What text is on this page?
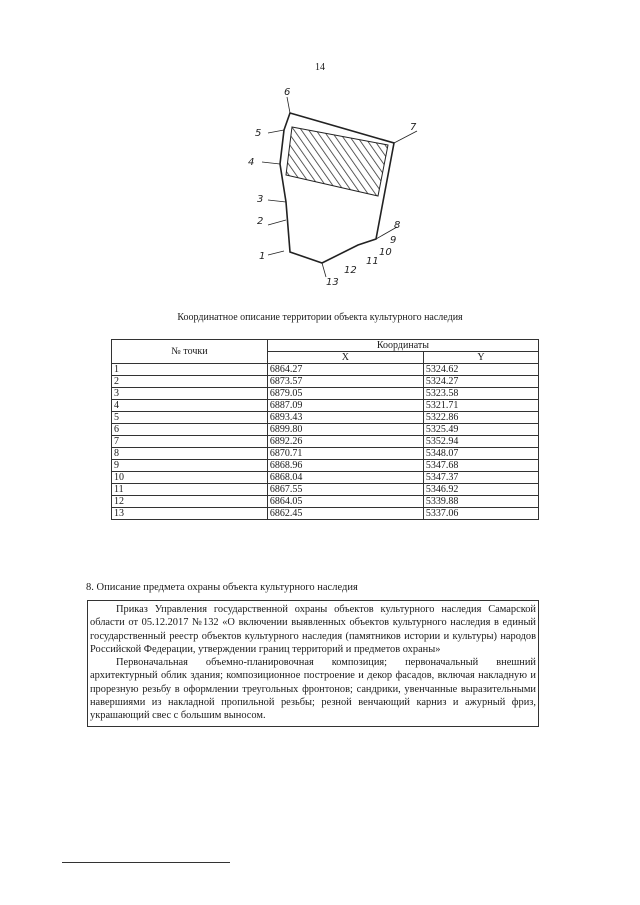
14
1
2
3
4
5
6
7
8
9
10
11
12
13
Координатное описание территории объекта культурного наследия
№ точки	Координаты	
	X	Y
1	6864.27	5324.62
2	6873.57	5324.27
3	6879.05	5323.58
4	6887.09	5321.71
5	6893.43	5322.86
6	6899.80	5325.49
7	6892.26	5352.94
8	6870.71	5348.07
9	6868.96	5347.68
10	6868.04	5347.37
11	6867.55	5346.92
12	6864.05	5339.88
13	6862.45	5337.06
8. Описание предмета охраны объекта культурного наследия

Приказ Управления государственной охраны объектов культурного наследия Самарской области от 05.12.2017 №132 «О включении выявленных объектов культурного наследия в единый государственный реестр объектов культурного наследия (памятников истории и культуры) народов Российской Федерации, утверждении границ территорий и предметов охраны»

Первоначальная объемно-планировочная композиция; первоначальный внешний архитектурный облик здания; композиционное построение и декор фасадов, включая накладную и прорезную резьбу в оформлении треугольных фронтонов; сандрики, увенчанные выразительными навершиями из накладной пропильной резьбы; резной венчающий карниз и ажурный фриз, украшающий свес с большим выносом.
